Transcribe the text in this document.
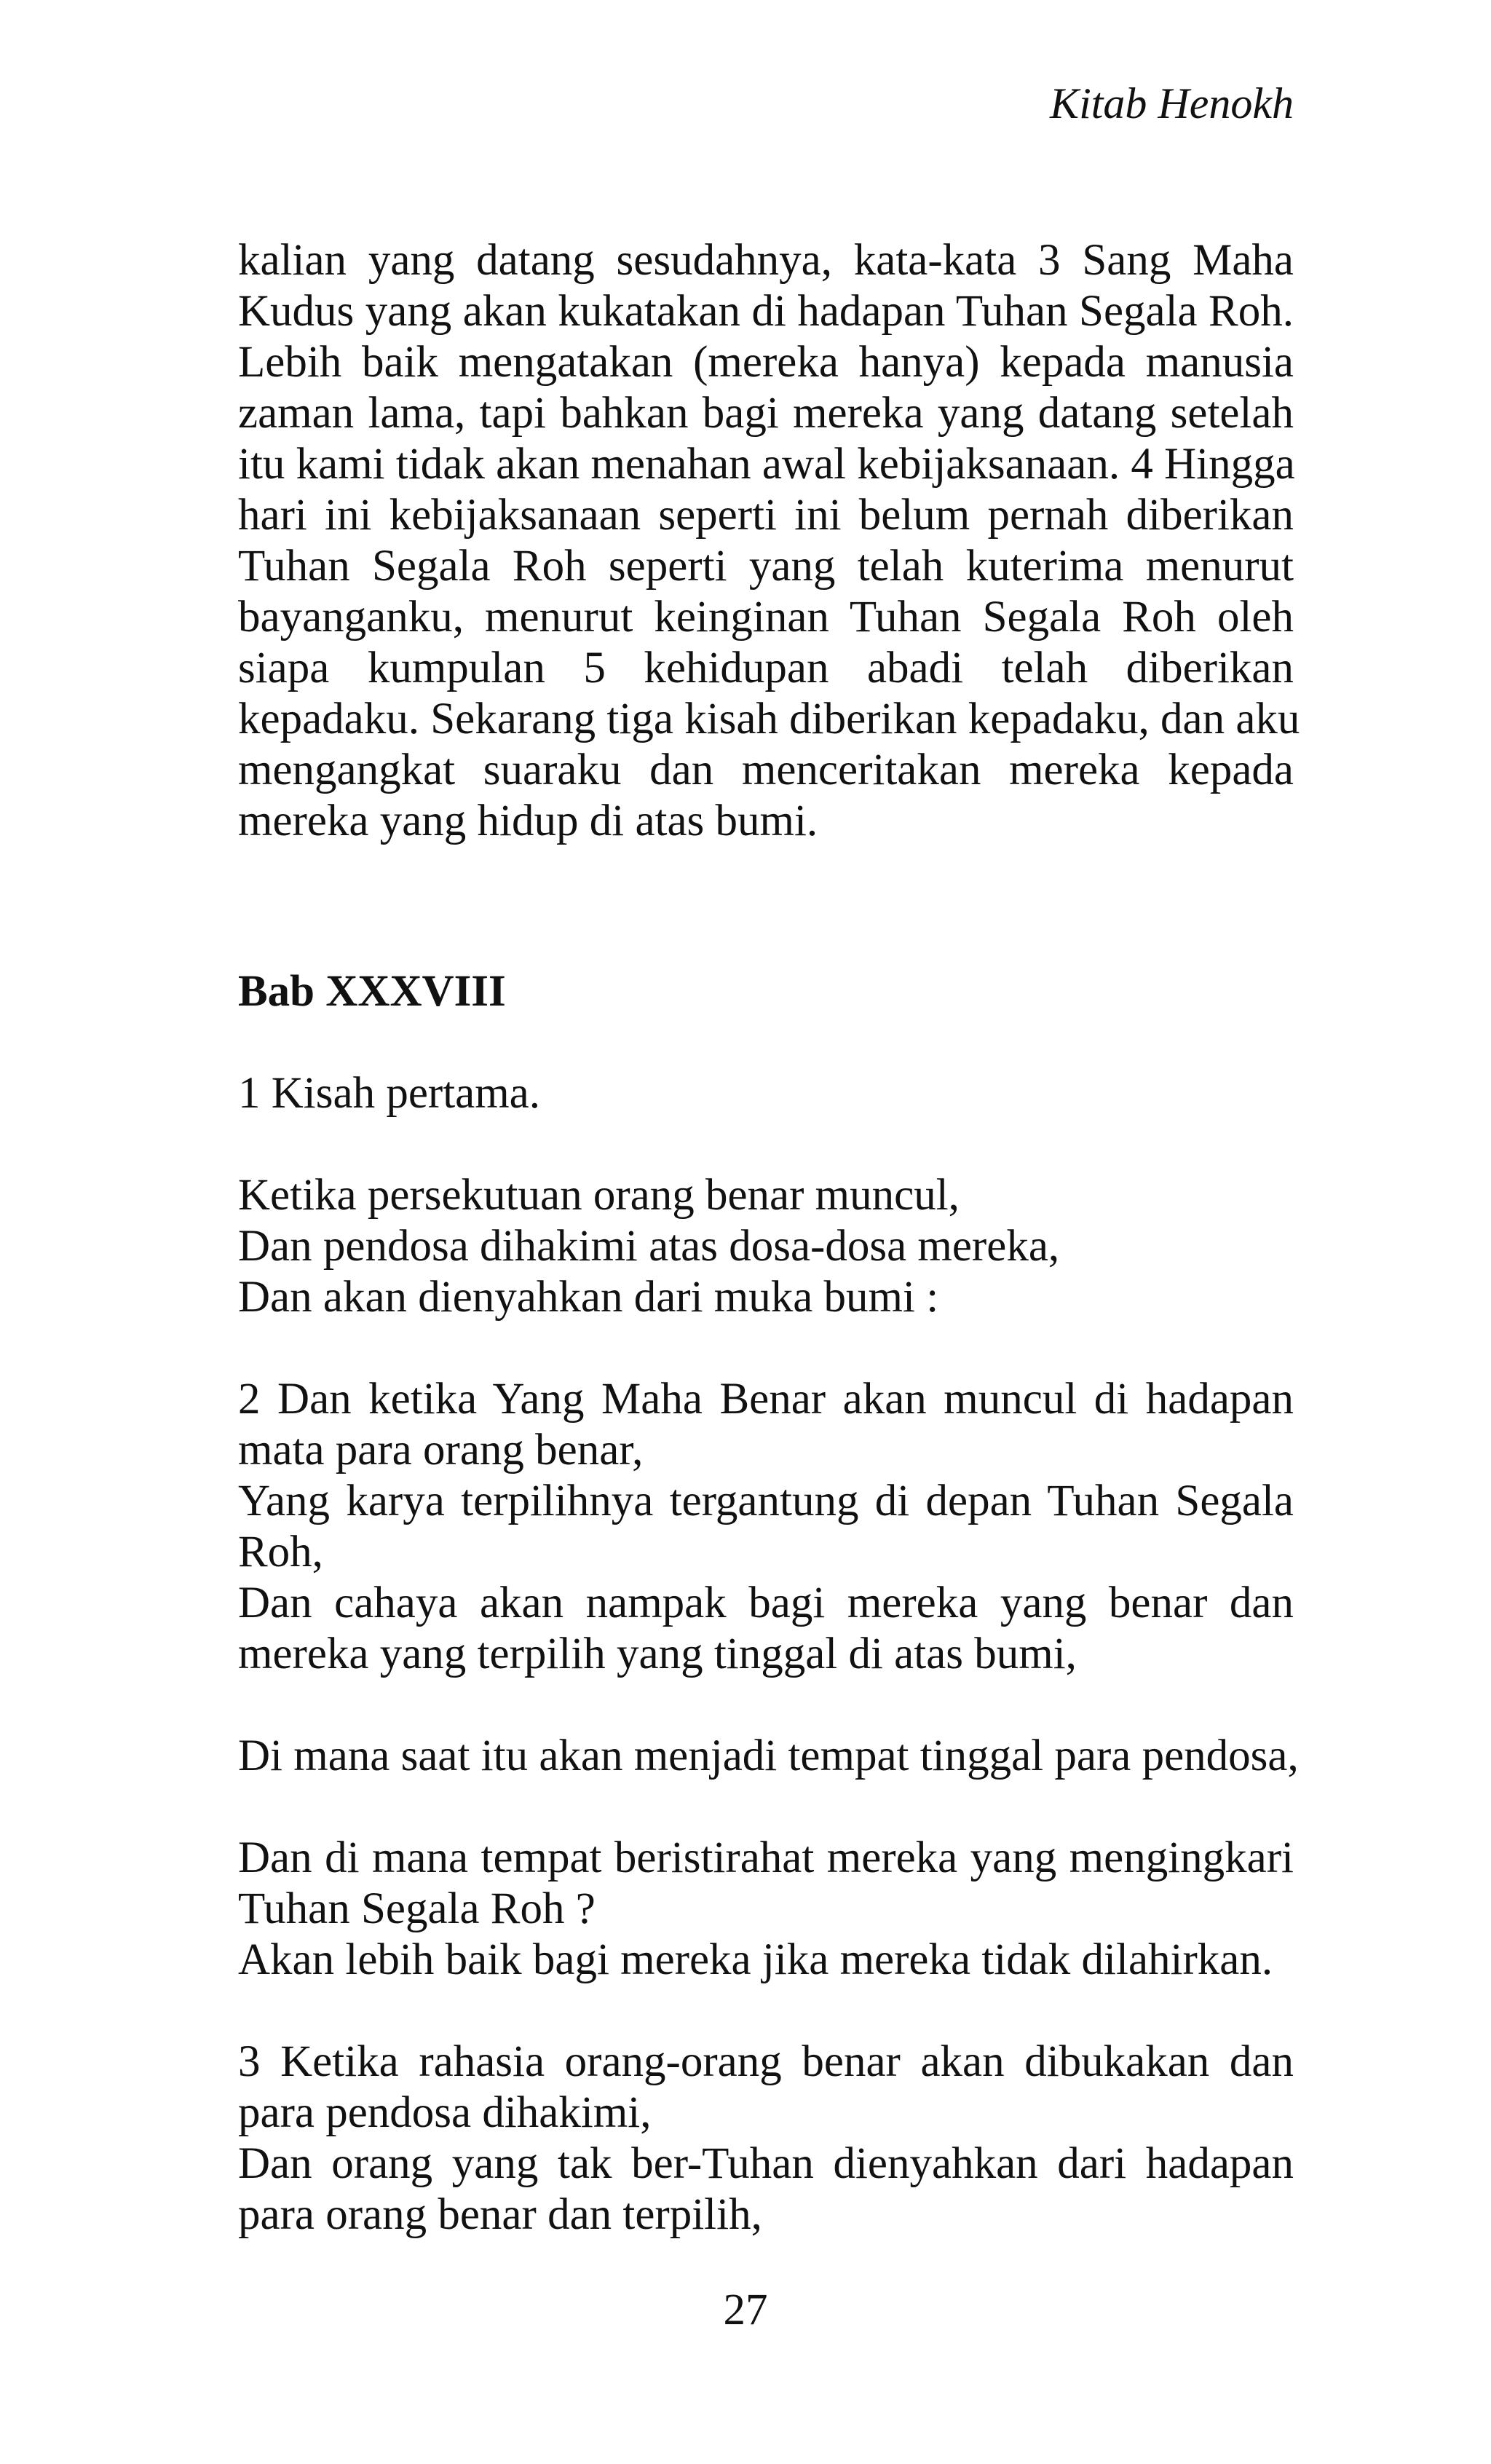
Kitab Henokh
kalian yang datang sesudahnya, kata-kata 3 Sang Maha
Kudus yang akan kukatakan di hadapan Tuhan Segala Roh.
Lebih baik mengatakan (mereka hanya) kepada manusia
zaman lama, tapi bahkan bagi mereka yang datang setelah
itu kami tidak akan menahan awal kebijaksanaan. 4 Hingga
hari ini kebijaksanaan seperti ini belum pernah diberikan
Tuhan Segala Roh seperti yang telah kuterima menurut
bayanganku, menurut keinginan Tuhan Segala Roh oleh
siapa kumpulan 5 kehidupan abadi telah diberikan
kepadaku. Sekarang tiga kisah diberikan kepadaku, dan aku
mengangkat suaraku dan menceritakan mereka kepada
mereka yang hidup di atas bumi.
Bab XXXVIII
1 Kisah pertama.
Ketika persekutuan orang benar muncul,
Dan pendosa dihakimi atas dosa-dosa mereka,
Dan akan dienyahkan dari muka bumi :
2 Dan ketika Yang Maha Benar akan muncul di hadapan
mata para orang benar,
Yang karya terpilihnya tergantung di depan Tuhan Segala
Roh,
Dan cahaya akan nampak bagi mereka yang benar dan
mereka yang terpilih yang tinggal di atas bumi,
Di mana saat itu akan menjadi tempat tinggal para pendosa,
Dan di mana tempat beristirahat mereka yang mengingkari
Tuhan Segala Roh ?
Akan lebih baik bagi mereka jika mereka tidak dilahirkan.
3 Ketika rahasia orang-orang benar akan dibukakan dan
para pendosa dihakimi,
Dan orang yang tak ber-Tuhan dienyahkan dari hadapan
para orang benar dan terpilih,
27
